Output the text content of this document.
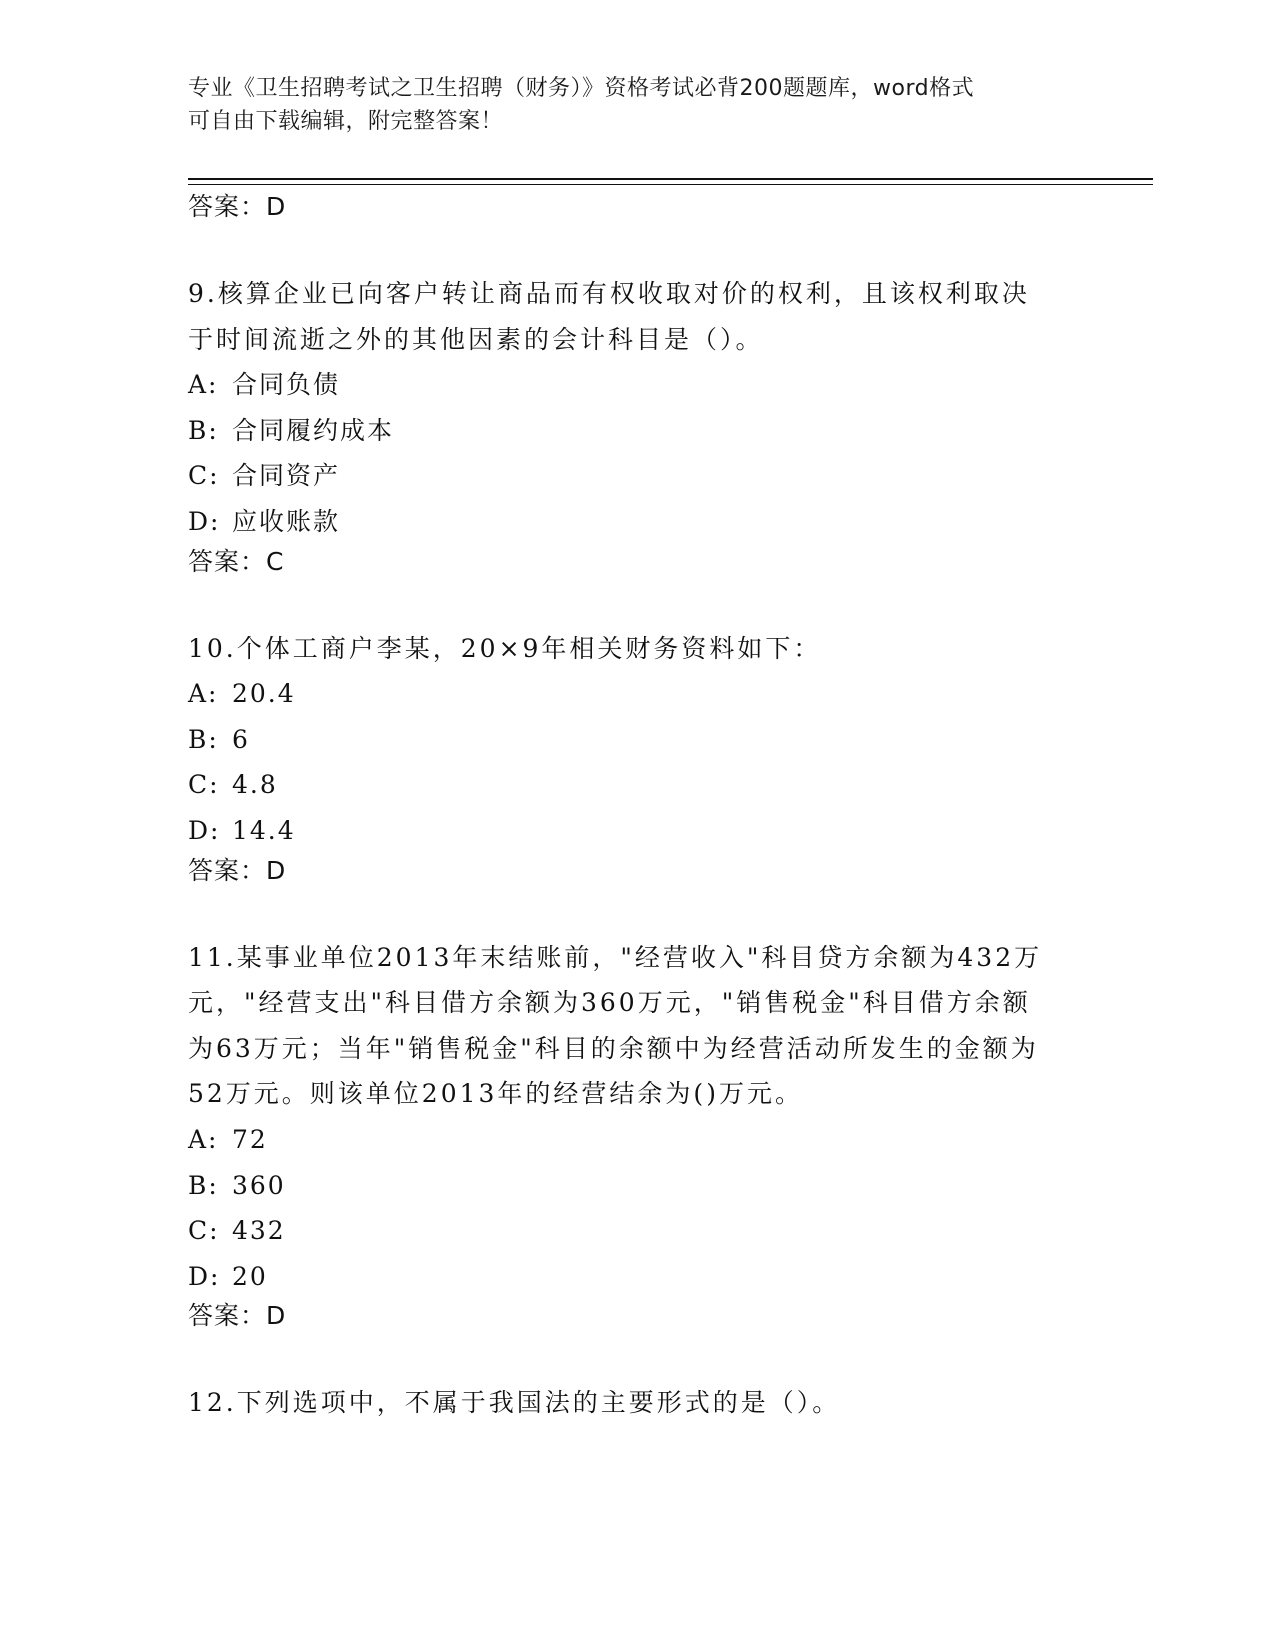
专业《卫生招聘考试之卫生招聘（财务）》资格考试必背200题题库，word格式
可自由下载编辑，附完整答案！
答案：D
9.核算企业已向客户转让商品而有权收取对价的权利，且该权利取决
于时间流逝之外的其他因素的会计科目是（）。
A: 合同负债
B: 合同履约成本
C: 合同资产
D: 应收账款
答案：C
10.个体工商户李某，20×9年相关财务资料如下：
A: 20.4
B: 6
C: 4.8
D: 14.4
答案：D
11.某事业单位2013年末结账前，"经营收入"科目贷方余额为432万
元，"经营支出"科目借方余额为360万元，"销售税金"科目借方余额
为63万元；当年"销售税金"科目的余额中为经营活动所发生的金额为
52万元。则该单位2013年的经营结余为()万元。
A: 72
B: 360
C: 432
D: 20
答案：D
12.下列选项中，不属于我国法的主要形式的是（）。
